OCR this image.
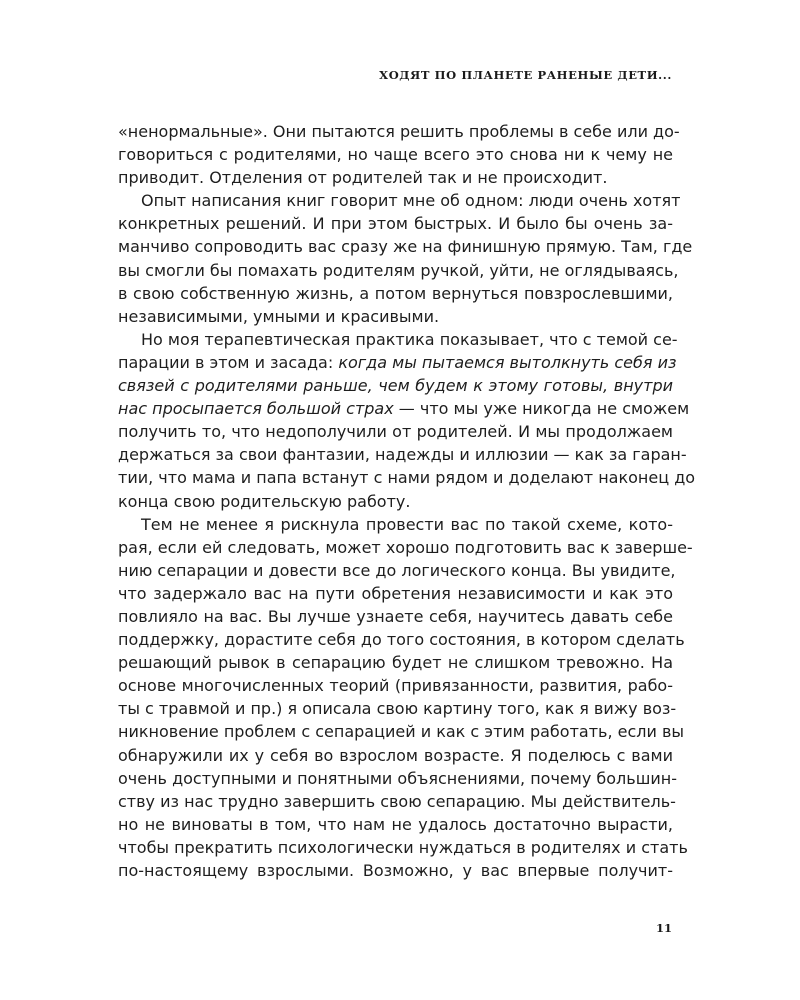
ХОДЯТ ПО ПЛАНЕТЕ РАНЕНЫЕ ДЕТИ...
«ненормальные». Они пытаются решить проблемы в себе или до-
говориться с родителями, но чаще всего это снова ни к чему не
приводит. Отделения от родителей так и не происходит.
Опыт написания книг говорит мне об одном: люди очень хотят
конкретных решений. И при этом быстрых. И было бы очень за-
манчиво сопроводить вас сразу же на финишную прямую. Там, где
вы смогли бы помахать родителям ручкой, уйти, не оглядываясь,
в свою собственную жизнь, а потом вернуться повзрослевшими,
независимыми, умными и красивыми.
Но моя терапевтическая практика показывает, что с темой се-
парации в этом и засада: когда мы пытаемся вытолкнуть себя из
связей с родителями раньше, чем будем к этому готовы, внутри
нас просыпается большой страх — что мы уже никогда не сможем
получить то, что недополучили от родителей. И мы продолжаем
держаться за свои фантазии, надежды и иллюзии — как за гаран-
тии, что мама и папа встанут с нами рядом и доделают наконец до
конца свою родительскую работу.
Тем не менее я рискнула провести вас по такой схеме, кото-
рая, если ей следовать, может хорошо подготовить вас к заверше-
нию сепарации и довести все до логического конца. Вы увидите,
что задержало вас на пути обретения независимости и как это
повлияло на вас. Вы лучше узнаете себя, научитесь давать себе
поддержку, дорастите себя до того состояния, в котором сделать
решающий рывок в сепарацию будет не слишком тревожно. На
основе многочисленных теорий (привязанности, развития, рабо-
ты с травмой и пр.) я описала свою картину того, как я вижу воз-
никновение проблем с сепарацией и как с этим работать, если вы
обнаружили их у себя во взрослом возрасте. Я поделюсь с вами
очень доступными и понятными объяснениями, почему большин-
ству из нас трудно завершить свою сепарацию. Мы действитель-
но не виноваты в том, что нам не удалось достаточно вырасти,
чтобы прекратить психологически нуждаться в родителях и стать
по-настоящему взрослыми. Возможно, у вас впервые получит-
11
